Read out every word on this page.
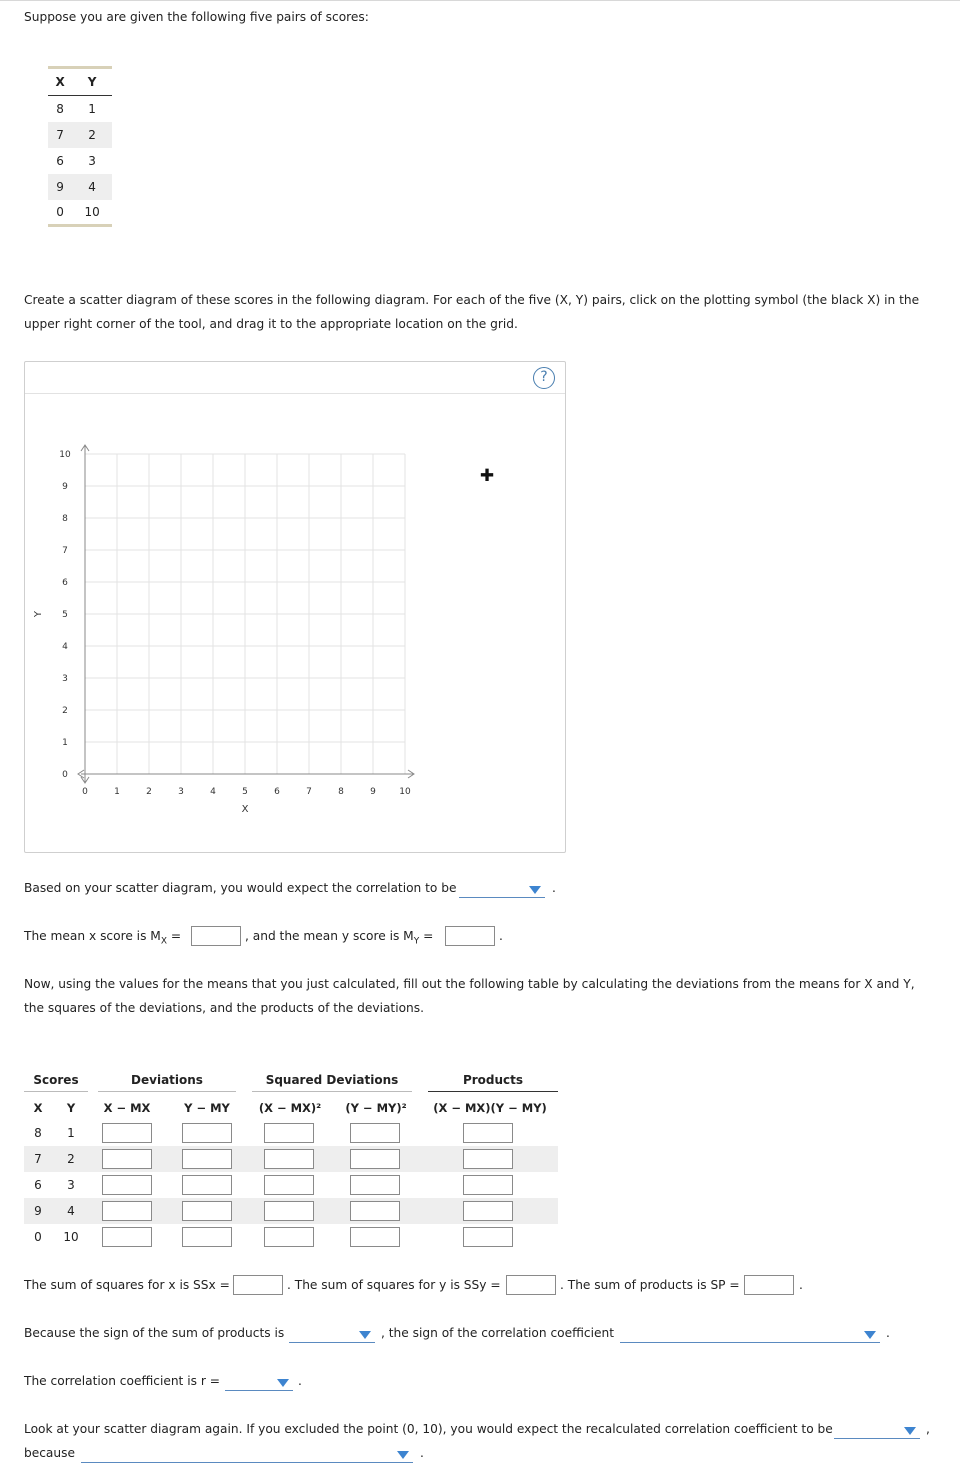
Suppose you are given the following five pairs of scores:
X	Y
8	1
7	2
6	3
9	4
0	10
Create a scatter diagram of these scores in the following diagram. For each of the five (X, Y) pairs, click on the plotting symbol (the black X) in the upper right corner of the tool, and drag it to the appropriate location on the grid.
?
0	1	2	3	4	5	6	7	8	9	10
0
1
2
3
4
5
6
7
8
9
10
X
Y
✚
Based on your scatter diagram, you would expect the correlation to be	.
The mean x score is $M_X$ =	, and the mean y score is $M_Y$ =	.
Now, using the values for the means that you just calculated, fill out the following table by calculating the deviations from the means for X and Y, the squares of the deviations, and the products of the deviations.
Scores	Deviations	Squared Deviations	Products
X	Y	X − MX	Y − MY	(X − MX)²	(Y − MY)²	(X − MX)(Y − MY)
8	1
7	2
6	3
9	4
0	10
The sum of squares for x is SSx =	. The sum of squares for y is SSy =	. The sum of products is SP =	.
Because the sign of the sum of products is	, the sign of the correlation coefficient	.
The correlation coefficient is r =	.
Look at your scatter diagram again. If you excluded the point (0, 10), you would expect the recalculated correlation coefficient to be	,
because	.
